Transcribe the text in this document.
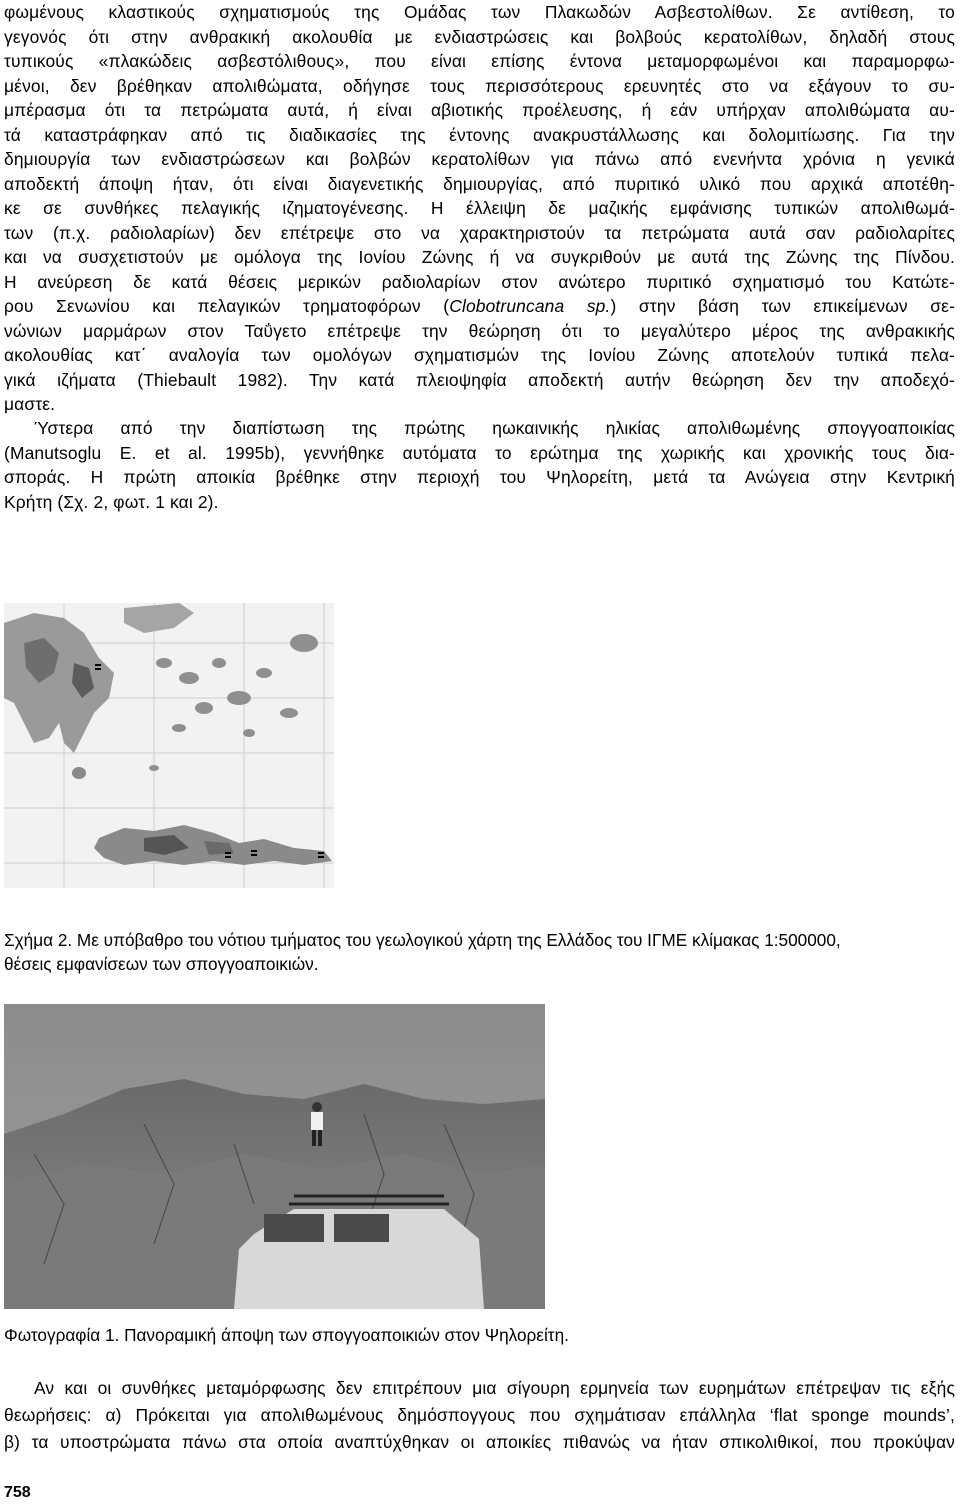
φωμένους κλαστικούς σχηματισμούς της Ομάδας των Πλακωδών Ασβεστολίθων. Σε αντίθεση, το
γεγονός ότι στην ανθρακική ακολουθία με ενδιαστρώσεις και βολβούς κερατολίθων, δηλαδή στους
τυπικούς «πλακώδεις ασβεστόλιθους», που είναι επίσης έντονα μεταμορφωμένοι και παραμορφω-
μένοι, δεν βρέθηκαν απολιθώματα, οδήγησε τους περισσότερους ερευνητές στο να εξάγουν το συ-
μπέρασμα ότι τα πετρώματα αυτά, ή είναι αβιοτικής προέλευσης, ή εάν υπήρχαν απολιθώματα αυ-
τά καταστράφηκαν από τις διαδικασίες της έντονης ανακρυστάλλωσης και δολομιτίωσης. Για την
δημιουργία των ενδιαστρώσεων και βολβών κερατολίθων για πάνω από ενενήντα χρόνια η γενικά
αποδεκτή άποψη ήταν, ότι είναι διαγενετικής δημιουργίας, από πυριτικό υλικό που αρχικά αποτέθη-
κε σε συνθήκες πελαγικής ιζηματογένεσης. Η έλλειψη δε μαζικής εμφάνισης τυπικών απολιθωμά-
των (π.χ. ραδιολαρίων) δεν επέτρεψε στο να χαρακτηριστούν τα πετρώματα αυτά σαν ραδιολαρίτες
και να συσχετιστούν με ομόλογα της Ιονίου Ζώνης ή να συγκριθούν με αυτά της Ζώνης της Πίνδου.
Η ανεύρεση δε κατά θέσεις μερικών ραδιολαρίων στον ανώτερο πυριτικό σχηματισμό του Κατώτε-
ρου Σενωνίου και πελαγικών τρηματοφόρων (Clobotruncana sp.) στην βάση των επικείμενων σε-
νώνιων μαρμάρων στον Ταΰγετο επέτρεψε την θεώρηση ότι το μεγαλύτερο μέρος της ανθρακικής
ακολουθίας κατ΄ αναλογία των ομολόγων σχηματισμών της Ιονίου Ζώνης αποτελούν τυπικά πελα-
γικά ιζήματα (Thiebault 1982). Την κατά πλειοψηφία αποδεκτή αυτήν θεώρηση δεν την αποδεχό-
μαστε.
Ύστερα από την διαπίστωση της πρώτης ηωκαινικής ηλικίας απολιθωμένης σπογγοαποικίας
(Manutsoglu E. et al. 1995b), γεννήθηκε αυτόματα το ερώτημα της χωρικής και χρονικής τους δια-
σποράς. Η πρώτη αποικία βρέθηκε στην περιοχή του Ψηλορείτη, μετά τα Ανώγεια στην Κεντρική
Κρήτη (Σχ. 2, φωτ. 1 και 2).
Σχήμα 2. Με υπόβαθρο του νότιου τμήματος του γεωλογικού χάρτη της Ελλάδος του ΙΓΜΕ κλίμακας 1:500000,
θέσεις εμφανίσεων των σπογγοαποικιών.
Φωτογραφία 1. Πανοραμική άποψη των σπογγοαποικιών στον Ψηλορείτη.
Αν και οι συνθήκες μεταμόρφωσης δεν επιτρέπουν μια σίγουρη ερμηνεία των ευρημάτων επέτρεψαν τις εξής
θεωρήσεις: α) Πρόκειται για απολιθωμένους δημόσπογγους που σχημάτισαν επάλληλα ‘flat sponge mounds’,
β) τα υποστρώματα πάνω στα οποία αναπτύχθηκαν οι αποικίες πιθανώς να ήταν σπικολιθικοί, που προκύψαν
758
